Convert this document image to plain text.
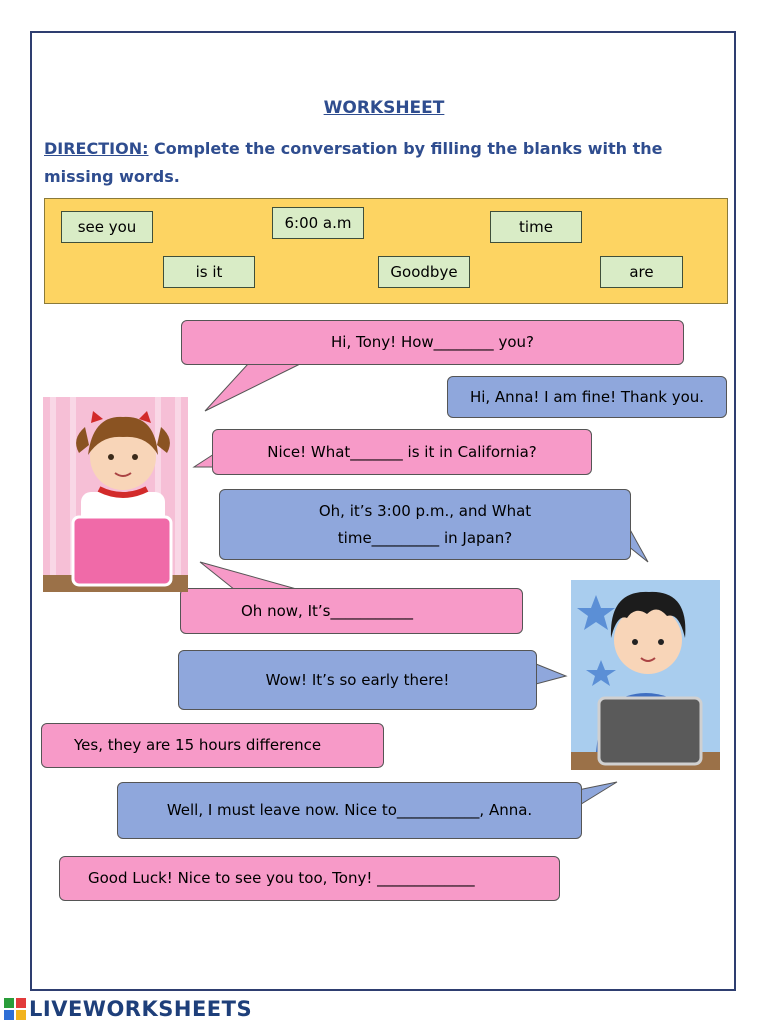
WORKSHEET
DIRECTION: Complete the conversation by filling the blanks with the missing words.
see you	6:00 a.m	time
is it	Goodbye	are
Hi, Tony! How________ you?
Hi, Anna! I am fine! Thank you.
Nice! What_______ is it in California?
Oh, it’s 3:00 p.m., and What time_________ in Japan?
Oh now, It’s___________
Wow! It’s so early there!
Yes, they are 15 hours difference
Well, I must leave now. Nice to___________, Anna.
Good Luck! Nice to see you too, Tony! _____________
LIVEWORKSHEETS
